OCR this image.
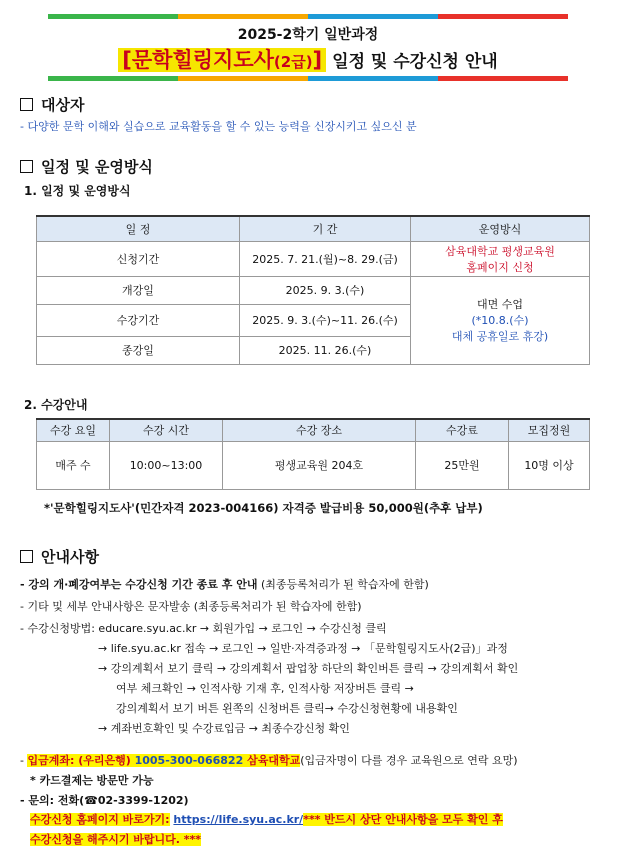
2025-2학기 일반과정
[문학힐링지도사(2급)] 일정 및 수강신청 안내
대상자
- 다양한 문학 이해와 실습으로 교육활동을 할 수 있는 능력을 신장시키고 싶으신 분
일정 및 운영방식
1. 일정 및 운영방식
일 정	기 간	운영방식
신청기간	2025. 7. 21.(월)~8. 29.(금)	삼육대학교 평생교육원
홈페이지 신청

개강일	2025. 9. 3.(수)	대면 수업
(*10.8.(수)
대체 공휴일로 휴강)

수강기간	2025. 9. 3.(수)~11. 26.(수)	
종강일	2025. 11. 26.(수)	
2. 수강안내
수강 요일	수강 시간	수강 장소	수강료	모집정원
매주 수	10:00~13:00	평생교육원 204호	25만원	10명 이상
*'문학힐링지도사'(민간자격 2023-004166) 자격증 발급비용 50,000원(추후 납부)
안내사항
- 강의 개·폐강여부는 수강신청 기간 종료 후 안내 (최종등록처리가 된 학습자에 한함)
- 기타 및 세부 안내사항은 문자발송 (최종등록처리가 된 학습자에 한함)
- 수강신청방법: educare.syu.ac.kr → 회원가입 → 로그인 → 수강신청 클릭
→ life.syu.ac.kr 접속 → 로그인 → 일반·자격증과정 → 「문학힐링지도사(2급)」과정
→ 강의계획서 보기 클릭 → 강의계획서 팝업창 하단의 확인버튼 클릭 → 강의계획서 확인
여부 체크확인 → 인적사항 기재 후, 인적사항 저장버튼 클릭 →
강의계획서 보기 버튼 왼쪽의 신청버튼 클릭→ 수강신청현황에 내용확인
→ 계좌번호확인 및 수강료입금 → 최종수강신청 확인
- 입금계좌: (우리은행) 1005-300-066822 삼육대학교(입금자명이 다를 경우 교육원으로 연락 요망)
* 카드결제는 방문만 가능
- 문의: 전화(☎02-3399-1202)
수강신청 홈페이지 바로가기: https://life.syu.ac.kr/*** 반드시 상단 안내사항을 모두 확인 후
수강신청을 해주시기 바랍니다. ***
